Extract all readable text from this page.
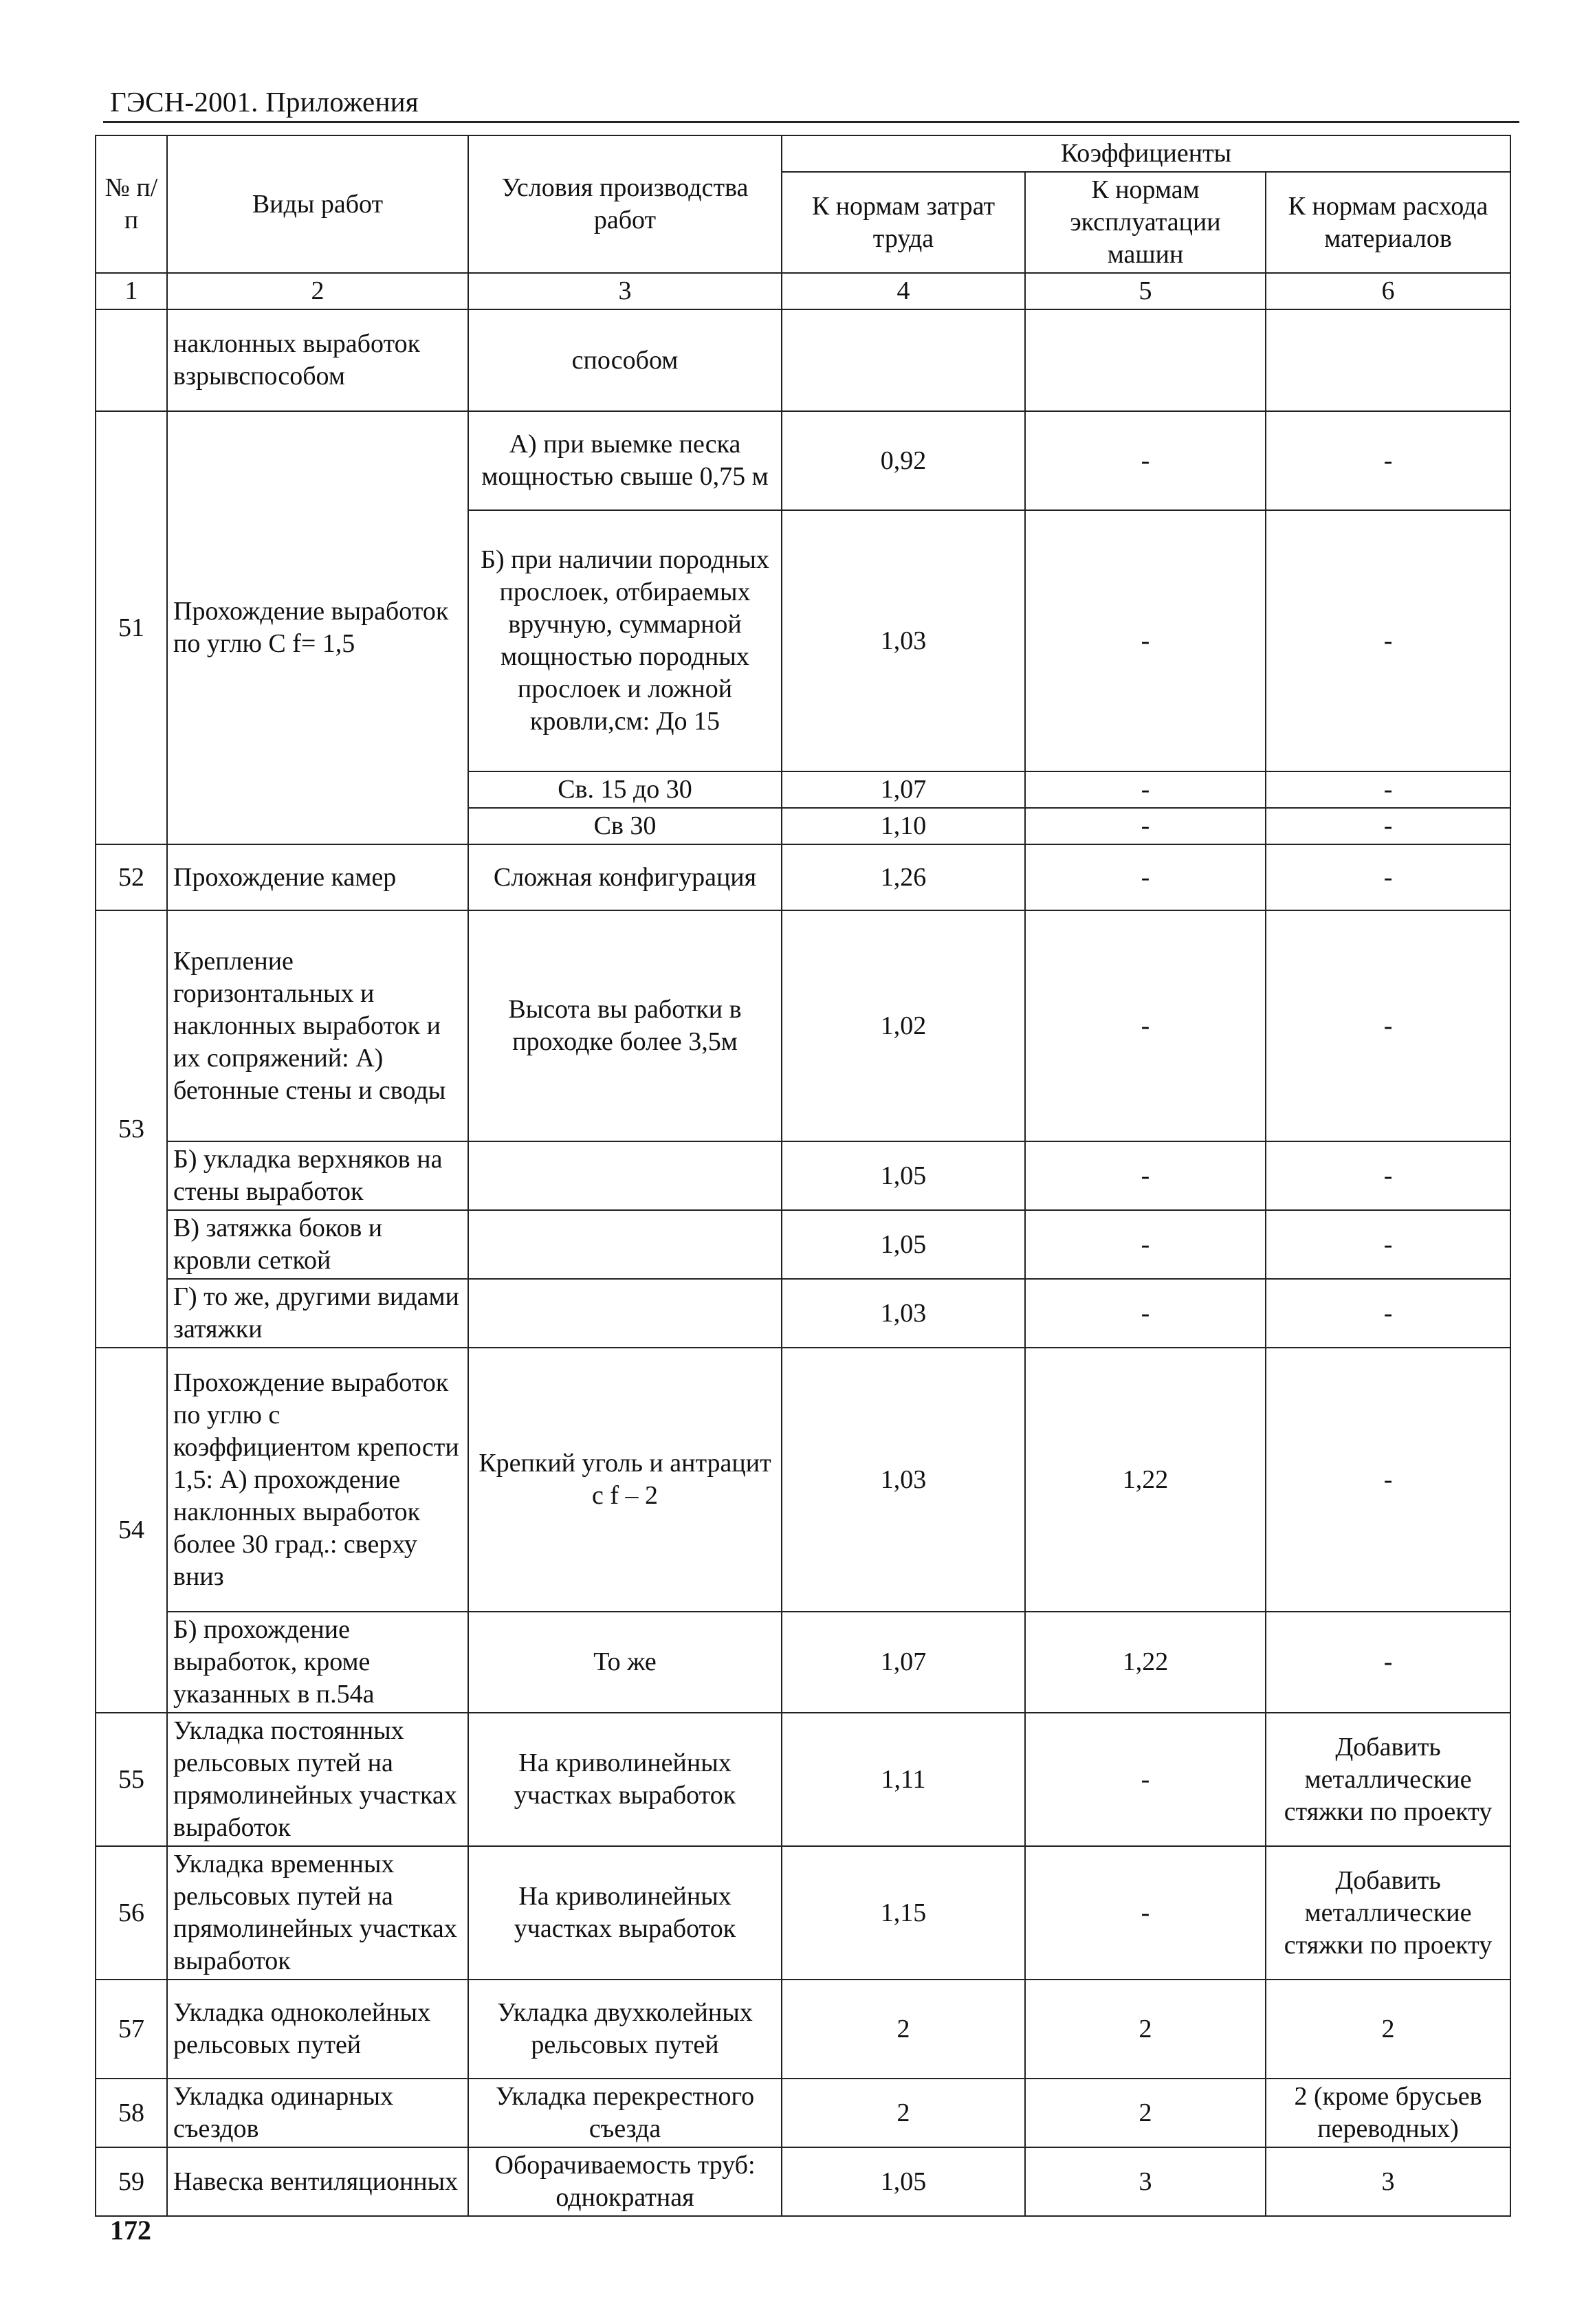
ГЭСН-2001. Приложения
№ п/п	Виды работ	Условия производства работ	Коэффициенты		
			К нормам затрат труда	К нормам эксплуатации машин	К нормам расхода материалов
1	2	3	4	5	6
	наклонных выработок взрывспособом	способом			
51	Прохождение выработок по углю С f= 1,5	А) при выемке песка мощностью свыше 0,75 м	0,92	-	-
		Б) при наличии породных прослоек, отбираемых вручную, суммарной мощностью породных прослоек и ложной кровли,см: До 15	1,03	-	-
		Св. 15 до 30	1,07	-	-
		Св 30	1,10	-	-
52	Прохождение камер	Сложная конфигурация	1,26	-	-
53	Крепление горизонтальных и наклонных выработок и их сопряжений: А) бетонные стены и своды	Высота вы работки в проходке более 3,5м	1,02	-	-
	Б) укладка верхняков на стены выработок		1,05	-	-
	В) затяжка боков и кровли сеткой		1,05	-	-
	Г) то же, другими видами затяжки		1,03	-	-
54	Прохождение выработок по углю с коэффициентом крепости 1,5: А) прохождение наклонных выработок более 30 град.: сверху вниз	Крепкий уголь и антрацит с f – 2	1,03	1,22	-
	Б) прохождение выработок, кроме указанных в п.54а	То же	1,07	1,22	-
55	Укладка постоянных рельсовых путей на прямолинейных участках выработок	На криволинейных участках выработок	1,11	-	Добавить металлические стяжки по проекту
56	Укладка временных рельсовых путей на прямолинейных участках выработок	На криволинейных участках выработок	1,15	-	Добавить металлические стяжки по проекту
57	Укладка одноколейных рельсовых путей	Укладка двухколейных рельсовых путей	2	2	2
58	Укладка одинарных съездов	Укладка перекрестного съезда	2	2	2 (кроме брусьев переводных)
59	Навеска вентиляционных	Оборачиваемость труб: однократная	1,05	3	3
172
